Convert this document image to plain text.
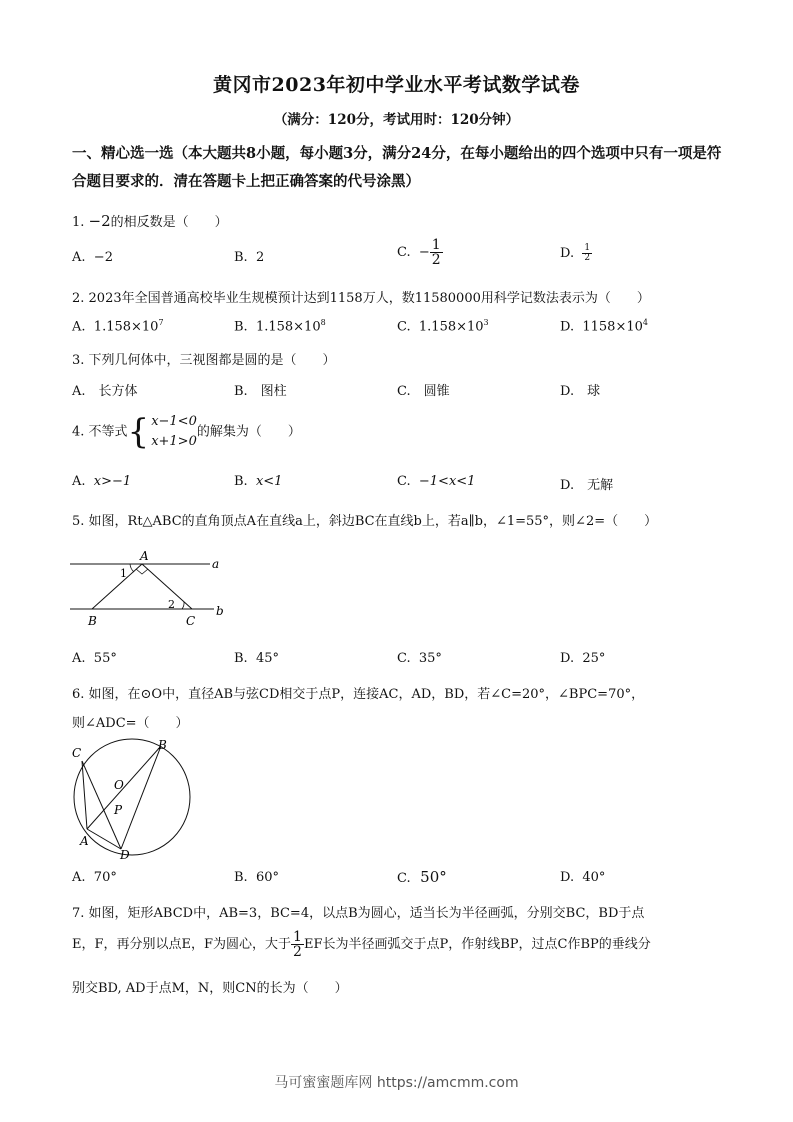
黄冈市2023年初中学业水平考试数学试卷
（满分：120分，考试用时：120分钟）
一、精心选一选（本大题共8小题，每小题3分，满分24分，在每小题给出的四个选项中只有一项是符合题目要求的．清在答题卡上把正确答案的代号涂黑）
1. −2的相反数是（　　）
A. −2	B. 2	C. − $\frac{1}{2}$	D. $\frac{1}{2}$
2. 2023年全国普通高校毕业生规模预计达到1158万人，数11580000用科学记数法表示为（　　）
A. $1.158\times 10^7$	B. $1.158\times 10^8$	C. $1.158\times 10^3$	D. $1158\times 10^4$
3. 下列几何体中，三视图都是圆的是（　　）
A.　长方体	B.　图柱	C.　圆锥	D.　球
4. 不等式 { x−1<0
x+1>0
的解集为（　　）
A. x>−1	B. x<1	C. −1<x<1	D.　无解
5. 如图，Rt△ABC的直角顶点A在直线a上，斜边BC在直线b上，若a∥b，∠1=55°，则∠2=（　　）
A
B	C
a
b
1
2
A. 55°	B. 45°	C. 35°	D. 25°
6. 如图，在⊙O中，直径AB与弦CD相交于点P，连接AC，AD，BD，若∠C=20°，∠BPC=70°，
则∠ADC=（　　）
C
B
O
P
A
D
A. 70°	B. 60°	C. 50°	D. 40°
7. 如图，矩形ABCD中，AB=3，BC=4，以点B为圆心，适当长为半径画弧，分别交BC，BD于点
E，F，再分别以点E，F为圆心，大于 $\frac{1}{2}$ EF长为半径画弧交于点P，作射线BP，过点C作BP的垂线分
别交BD, AD于点M，N，则CN的长为（　　）
马可蜜蜜题库网 https://amcmm.com
